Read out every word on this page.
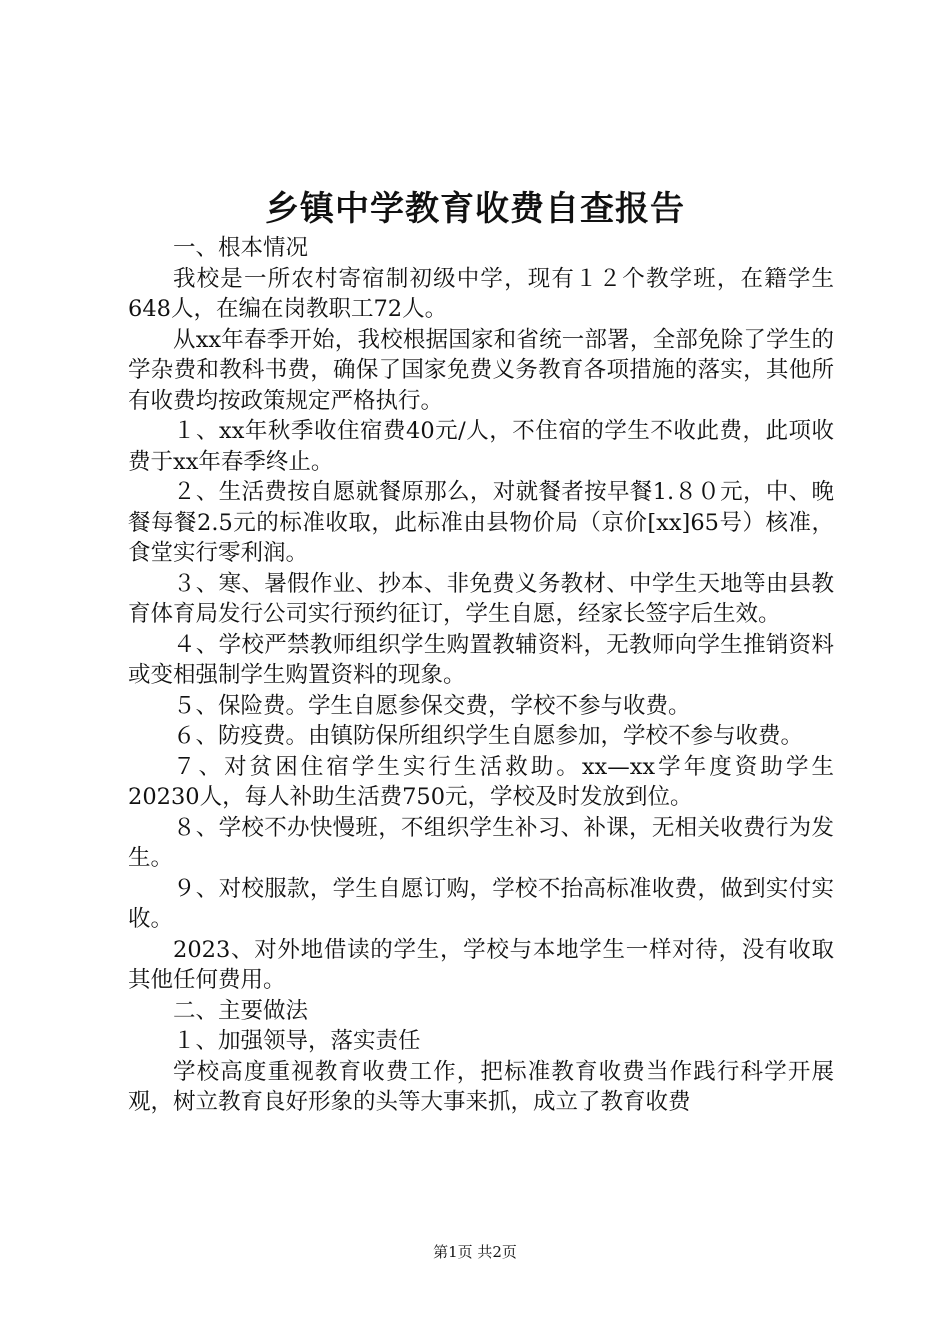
乡镇中学教育收费自查报告

一、根本情况

我校是一所农村寄宿制初级中学，现有１２个教学班，在籍学生648人，在编在岗教职工72人。

从xx年春季开始，我校根据国家和省统一部署，全部免除了学生的学杂费和教科书费，确保了国家免费义务教育各项措施的落实，其他所有收费均按政策规定严格执行。

１、xx年秋季收住宿费40元/人，不住宿的学生不收此费，此项收费于xx年春季终止。

２、生活费按自愿就餐原那么，对就餐者按早餐1.８０元，中、晚餐每餐2.5元的标准收取，此标准由县物价局（京价[xx]65号）核准，食堂实行零利润。

３、寒、暑假作业、抄本、非免费义务教材、中学生天地等由县教育体育局发行公司实行预约征订，学生自愿，经家长签字后生效。

４、学校严禁教师组织学生购置教辅资料，无教师向学生推销资料或变相强制学生购置资料的现象。

５、保险费。学生自愿参保交费，学校不参与收费。

６、防疫费。由镇防保所组织学生自愿参加，学校不参与收费。

７、对贫困住宿学生实行生活救助。xx—xx学年度资助学生20230人，每人补助生活费750元，学校及时发放到位。

８、学校不办快慢班，不组织学生补习、补课，无相关收费行为发生。

９、对校服款，学生自愿订购，学校不抬高标准收费，做到实付实收。

2023、对外地借读的学生，学校与本地学生一样对待，没有收取其他任何费用。

二、主要做法

１、加强领导，落实责任

学校高度重视教育收费工作，把标准教育收费当作践行科学开展观，树立教育良好形象的头等大事来抓，成立了教育收费

第1页 共2页
